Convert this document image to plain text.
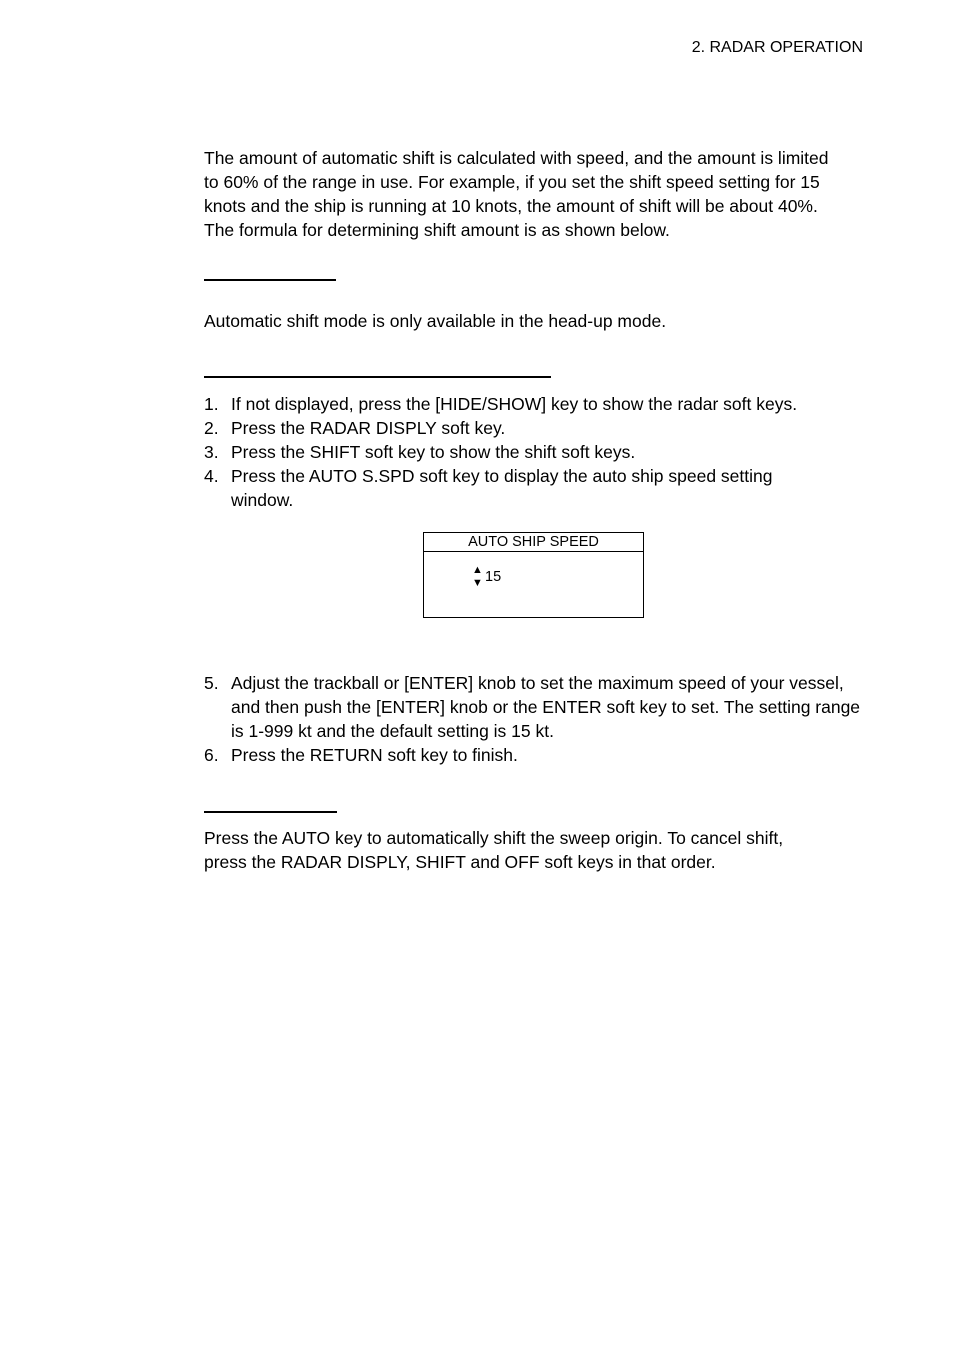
2. RADAR OPERATION

The amount of automatic shift is calculated with speed, and the amount is limited
to 60% of the range in use. For example, if you set the shift speed setting for 15
knots and the ship is running at 10 knots, the amount of shift will be about 40%.
The formula for determining shift amount is as shown below.

Automatic shift mode is only available in the head-up mode.

1. If not displayed, press the [HIDE/SHOW] key to show the radar soft keys.
2. Press the RADAR DISPLY soft key.
3. Press the SHIFT soft key to show the shift soft keys.
4. Press the AUTO S.SPD soft key to display the auto ship speed setting window.
AUTO SHIP SPEED
▲
▼ 15
5. Adjust the trackball or [ENTER] knob to set the maximum speed of your vessel, and then push the [ENTER] knob or the ENTER soft key to set. The setting range is 1-999 kt and the default setting is 15 kt.
6. Press the RETURN soft key to finish.

Press the AUTO key to automatically shift the sweep origin. To cancel shift,
press the RADAR DISPLY, SHIFT and OFF soft keys in that order.
